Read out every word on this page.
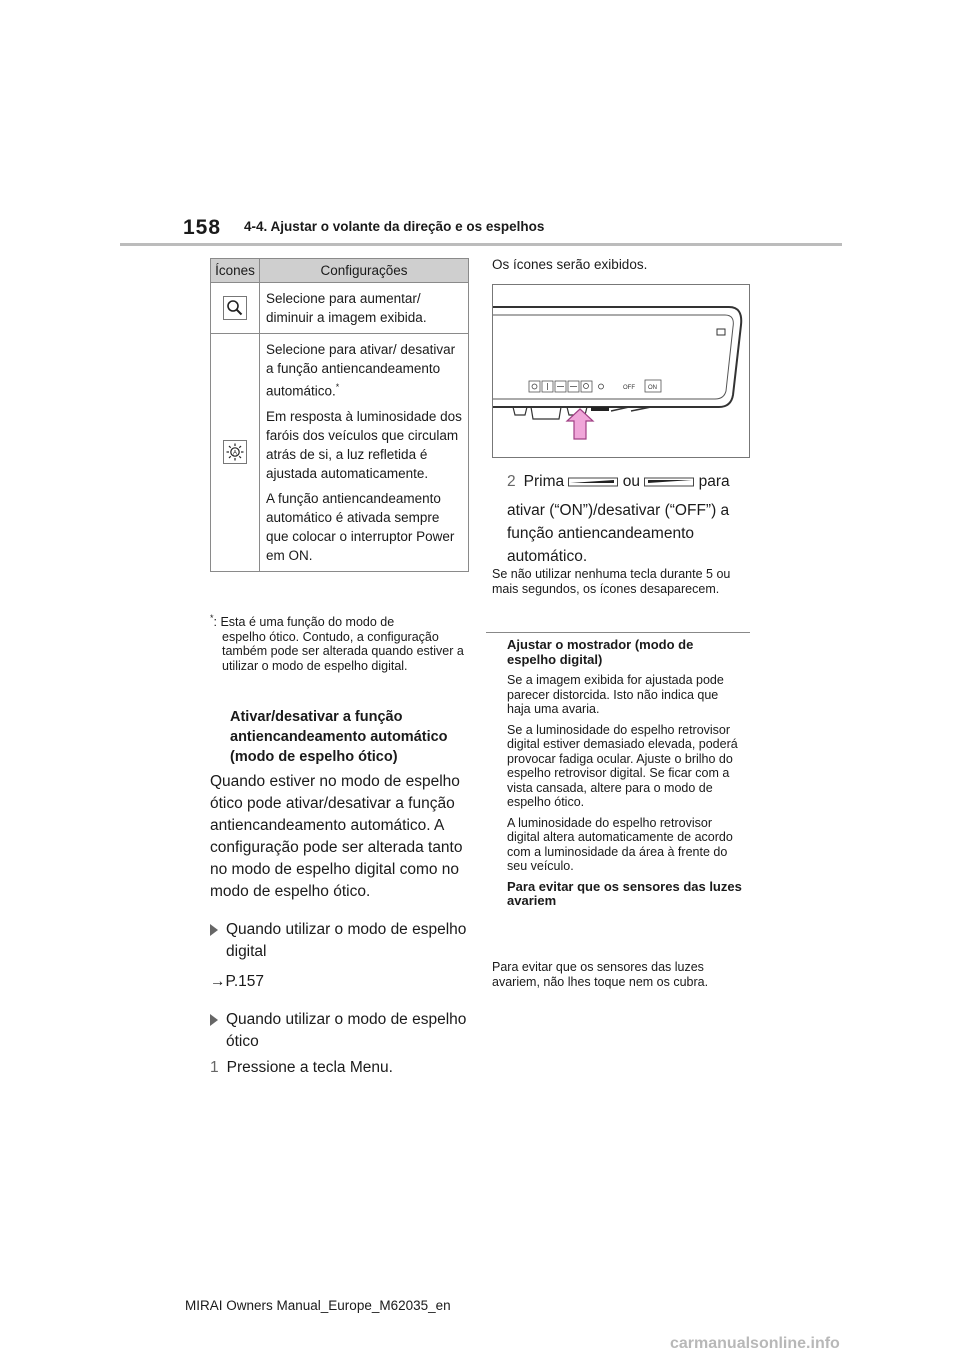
158 4-4. Ajustar o volante da direção e os espelhos
Ícones	Configurações
	Selecione para aumentar/ diminuir a imagem exibida.

A	Selecione para ativar/ desativar a função antiencandeamento automático.*

Em resposta à luminosidade dos faróis dos veículos que circulam atrás de si, a luz refletida é ajustada automaticamente.

A função antiencandeamento automático é ativada sempre que colocar o interruptor Power em ON.

*: Esta é uma função do modo de
espelho ótico. Contudo, a configuração também pode ser alterada quando estiver a utilizar o modo de espelho digital.
Ativar/desativar a função antiencandeamento automático (modo de espelho ótico)
Quando estiver no modo de espelho ótico pode ativar/desativar a função antiencandeamento automático. A configuração pode ser alterada tanto no modo de espelho digital como no modo de espelho ótico.
Quando utilizar o modo de espelho digital
→P.157
Quando utilizar o modo de espelho ótico
1 Pressione a tecla Menu.
Os ícones serão exibidos.
OFF ON
2 Prima	ou	para
ativar (“ON”)/desativar (“OFF”) a função antiencandeamento automático.
Se não utilizar nenhuma tecla durante 5 ou mais segundos, os ícones desaparecem.

Ajustar o mostrador (modo de espelho digital)

Se a imagem exibida for ajustada pode parecer distorcida. Isto não indica que haja uma avaria.

Se a luminosidade do espelho retrovisor digital estiver demasiado elevada, poderá provocar fadiga ocular. Ajuste o brilho do espelho retrovisor digital. Se ficar com a vista cansada, altere para o modo de espelho ótico.

A luminosidade do espelho retrovisor digital altera automaticamente de acordo com a luminosidade da área à frente do seu veículo.

Para evitar que os sensores das luzes avariem

Para evitar que os sensores das luzes avariem, não lhes toque nem os cubra.
MIRAI Owners Manual_Europe_M62035_en
carmanualsonline.info
